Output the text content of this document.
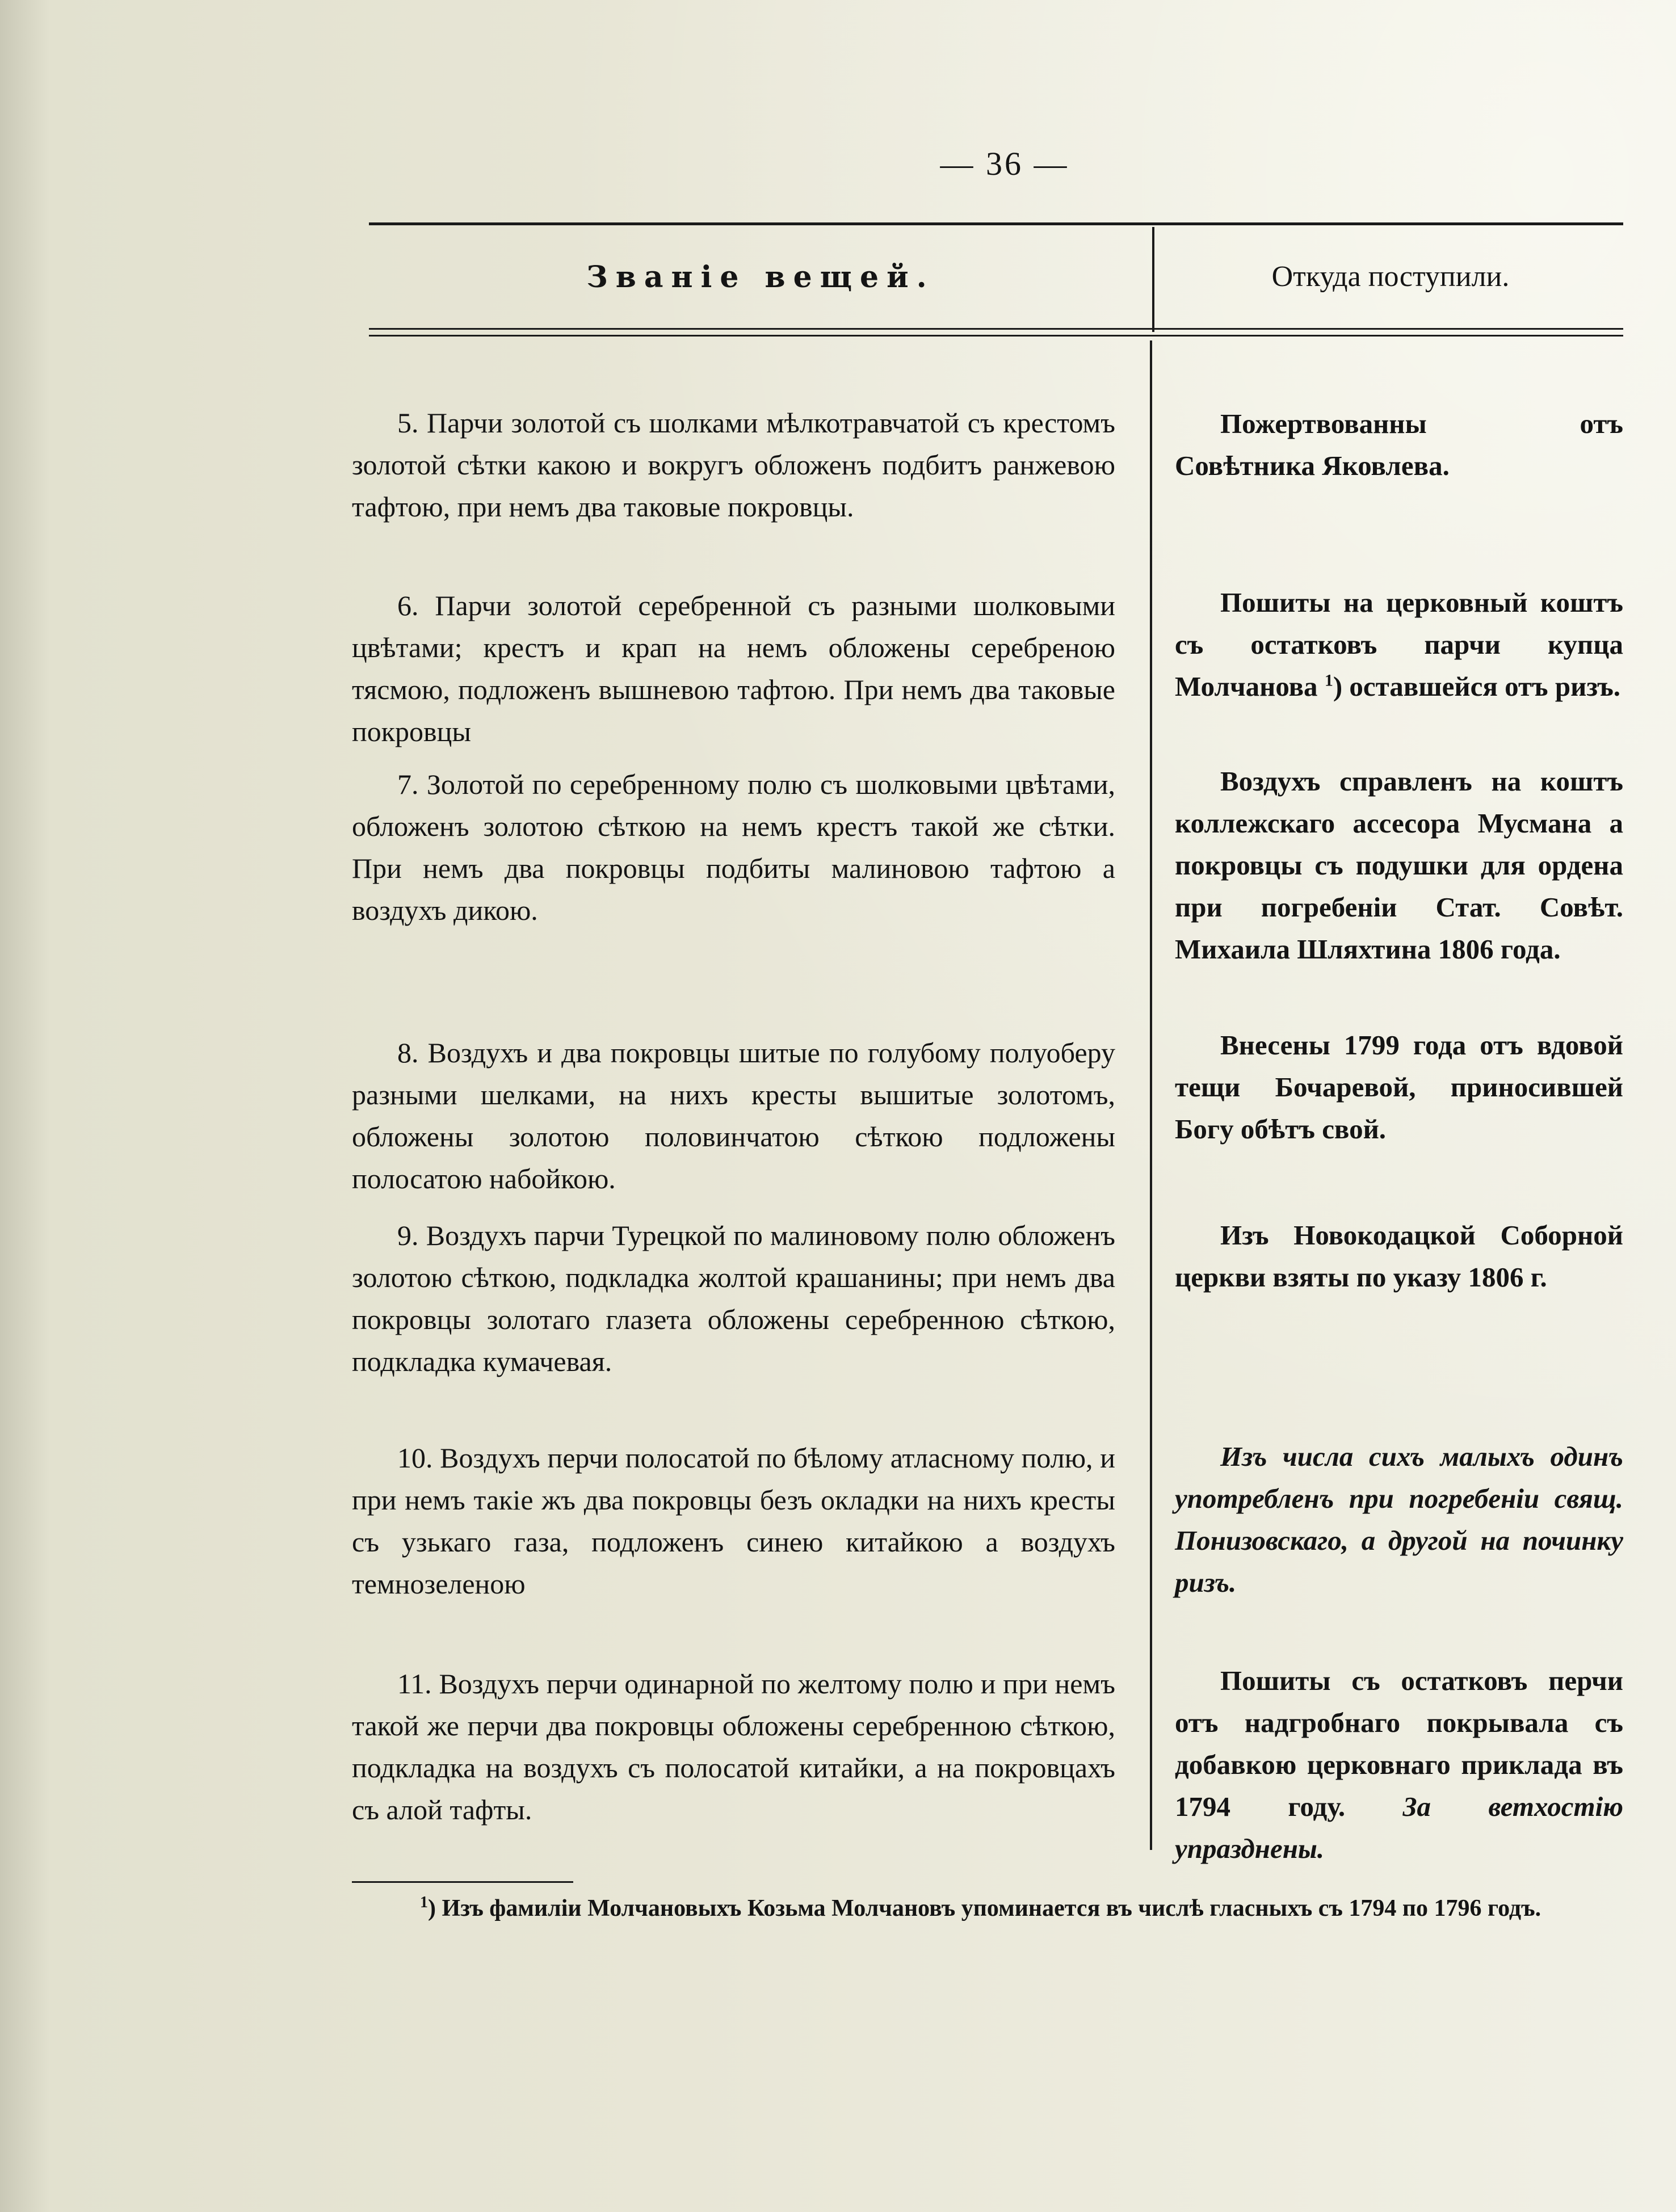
— 36 —
Званіе вещей.	Откуда поступили.
5. Парчи золотой съ шолками мѣлкотравчатой съ крестомъ золотой сѣтки какою и вокругъ обложенъ подбитъ ранжевою тафтою, при немъ два таковые покровцы.
6. Парчи золотой серебренной съ разными шолковыми цвѣтами; крестъ и крап на немъ обложены серебреною тясмою, подложенъ вышневою тафтою. При немъ два таковые покровцы
7. Золотой по серебренному полю съ шолковыми цвѣтами, обложенъ золотою сѣткою на немъ крестъ такой же сѣтки. При немъ два покровцы подбиты малиновою тафтою а воздухъ дикою.
8. Воздухъ и два покровцы шитые по голубому полуоберу разными шелками, на нихъ кресты вышитые золотомъ, обложены золотою половинчатою сѣткою подложены полосатою набойкою.
9. Воздухъ парчи Турецкой по малиновому полю обложенъ золотою сѣткою, подкладка жолтой крашанины; при немъ два покровцы золотаго глазета обложены серебренною сѣткою, подкладка кумачевая.
10. Воздухъ перчи полосатой по бѣлому атласному полю, и при немъ такіе жъ два покровцы безъ окладки на нихъ кресты съ узькаго газа, подложенъ синею китайкою а воздухъ темнозеленою
11. Воздухъ перчи одинарной по желтому полю и при немъ такой же перчи два покровцы обложены серебренною сѣткою, подкладка на воздухъ съ полосатой китайки, а на покровцахъ съ алой тафты.
Пожертвованны отъ Совѣтника Яковлева.
Пошиты на церковный коштъ съ остатковъ парчи купца Молчанова $^1$) оставшейся отъ ризъ.
Воздухъ справленъ на коштъ коллежскаго ассесора Мусмана а покровцы съ подушки для ордена при погребеніи Стат. Совѣт. Михаила Шляхтина 1806 года.
Внесены 1799 года отъ вдовой тещи Бочаревой, приносившей Богу обѣтъ свой.
Изъ Новокодацкой Соборной церкви взяты по указу 1806 г.
Изъ числа сихъ малыхъ одинъ употребленъ при погребеніи свящ. Понизовскаго, а другой на починку ризъ.
Пошиты съ остатковъ перчи отъ надгробнаго покрывала съ добавкою церковнаго приклада въ 1794 году. За ветхостію упразднены.
$^1$) Изъ фамиліи Молчановыхъ Козьма Молчановъ упоминается въ числѣ гласныхъ съ 1794 по 1796 годъ.
